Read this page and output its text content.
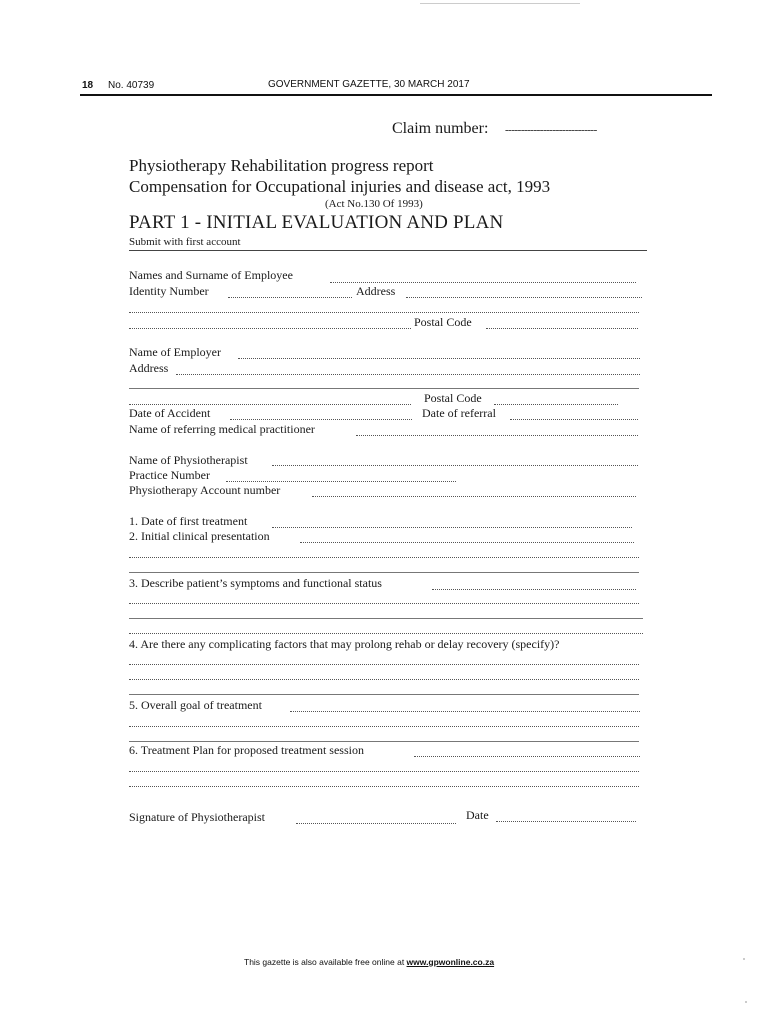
18 No. 40739	GOVERNMENT GAZETTE, 30 MARCH 2017
Claim number: -----------------------------
Physiotherapy Rehabilitation progress report
Compensation for Occupational injuries and disease act, 1993
(Act No.130 Of 1993)
PART 1 - INITIAL EVALUATION AND PLAN
Submit with first account
Names and Surname of Employee
Identity Number	Address
Postal Code
Name of Employer
Address
Postal Code
Date of Accident	Date of referral
Name of referring medical practitioner
Name of Physiotherapist
Practice Number
Physiotherapy Account number
1. Date of first treatment
2. Initial clinical presentation
3. Describe patient’s symptoms and functional status
4. Are there any complicating factors that may prolong rehab or delay recovery (specify)?
5. Overall goal of treatment
6. Treatment Plan for proposed treatment session
Signature of Physiotherapist	Date
This gazette is also available free online at www.gpwonline.co.za
